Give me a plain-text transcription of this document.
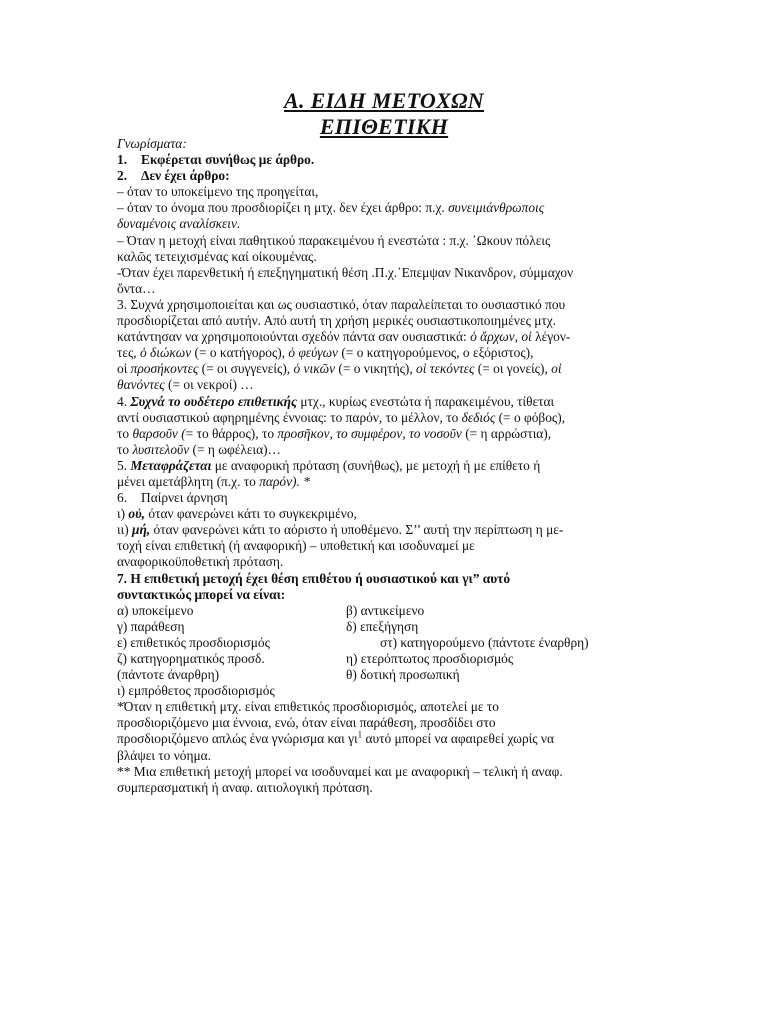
Α. ΕΙΔΗ ΜΕΤΟΧΩΝ
ΕΠΙΘΕΤΙΚΗ

Γνωρίσματα:

1. Εκφέρεται συνήθως με άρθρο.

2. Δεν έχει άρθρο:

– όταν το υποκείμενο της προηγείται,

– όταν το όνομα που προσδιορίζει η μτχ. δεν έχει άρθρο: π.χ. συνειμιάνθρωποις

δυναμένοις αναλίσκειν.

– Όταν η μετοχή είναι παθητικού παρακειμένου ή ενεστώτα : π.χ. ᾿Ωκουν πόλεις

καλῶς τετειχισμένας καί οἰκουμένας.

-Όταν έχει παρενθετική ή επεξηγηματική θέση .Π.χ.᾿Επεμψαν Νικανδρον, σύμμαχον

ὄντα…

3. Συχνά χρησιμοποιείται και ως ουσιαστικό, όταν παραλείπεται το ουσιαστικό που

προσδιορίζεται από αυτήν. Από αυτή τη χρήση μερικές ουσιαστικοποιημένες μτχ.

κατάντησαν να χρησιμοποιούνται σχεδόν πάντα σαν ουσιαστικά: ὁ ἄρχων, οἱ λέγον-

τες, ὁ διώκων (= ο κατήγορος), ὁ φεύγων (= ο κατηγορούμενος, ο εξόριστος),

οἱ προσήκοντες (= οι συγγενείς), ὁ νικῶν (= ο νικητής), οἱ τεκόντες (= οι γονείς), οἱ

θανόντες (= οι νεκροί) …

4. Συχνά το ουδέτερο επιθετικής μτχ., κυρίως ενεστώτα ή παρακειμένου, τίθεται

αντί ουσιαστικού αφηρημένης έννοιας: το παρόν, το μέλλον, το δεδιός (= ο φόβος),

το θαρσοῦν (= το θάρρος), το προσῆκον, το συμφέρον, το νοσοῦν (= η αρρώστια),

το λυσιτελοῦν (= η ωφέλεια)…

5. Μεταφράζεται με αναφορική πρόταση (συνήθως), με μετοχή ή με επίθετο ή

μένει αμετάβλητη (π.χ. το παρόν). *

6. Παίρνει άρνηση

ι) οὐ, όταν φανερώνει κάτι το συγκεκριμένο,

ιι) μή, όταν φανερώνει κάτι το αόριστο ή υποθέμενο. Σ’’ αυτή την περίπτωση η με-

τοχή είναι επιθετική (ή αναφορική) – υποθετική και ισοδυναμεί με

αναφορικοϋποθετική πρόταση.

7. Η επιθετική μετοχή έχει θέση επιθέτου ή ουσιαστικού και γι” αυτό

συντακτικώς μπορεί να είναι:

α) υποκείμενο	β) αντικείμενο
γ) παράθεση	δ) επεξήγηση
ε) επιθετικός προσδιορισμός	στ) κατηγορούμενο (πάντοτε έναρθρη)
ζ) κατηγορηματικός προσδ.	η) ετερόπτωτος προσδιορισμός
(πάντοτε άναρθρη)	θ) δοτική προσωπική

ι) εμπρόθετος προσδιορισμός

*Όταν η επιθετική μτχ. είναι επιθετικός προσδιορισμός, αποτελεί με το

προσδιοριζόμενο μια έννοια, ενώ, όταν είναι παράθεση, προσδίδει στο

προσδιοριζόμενο απλώς ένα γνώρισμα και $\gamma\iota^1$ αυτό μπορεί να αφαιρεθεί χωρίς να

βλάψει το νόημα.

** Μια επιθετική μετοχή μπορεί να ισοδυναμεί και με αναφορική – τελική ή αναφ.

συμπερασματική ή αναφ. αιτιολογική πρόταση.
